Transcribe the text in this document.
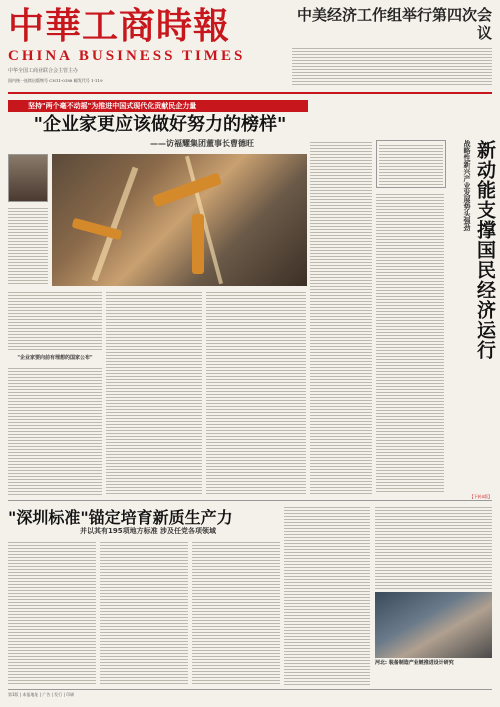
中華工商時報
CHINA BUSINESS TIMES
中华全国工商业联合会主管主办
国内统一连续出版物号 CN11-0188 邮发代号 1-119
中美经济工作组举行第四次会议
坚持"两个毫不动摇"为推进中国式现代化贡献民企力量
"企业家更应该做好努力的榜样"
——访福耀集团董事长曹德旺
"企业家要向前有理想的国家公布"	新动能支撑国民经济运行
战略性新兴产业发展势头强劲
【下转4版】
"深圳标准"锚定培育新质生产力
并以其有195项地方标准 涉及任党各项领域
河北: 装备制造产业链推进设计研究
第1版 | 本报地址 | 广告 | 发行 | 印刷
